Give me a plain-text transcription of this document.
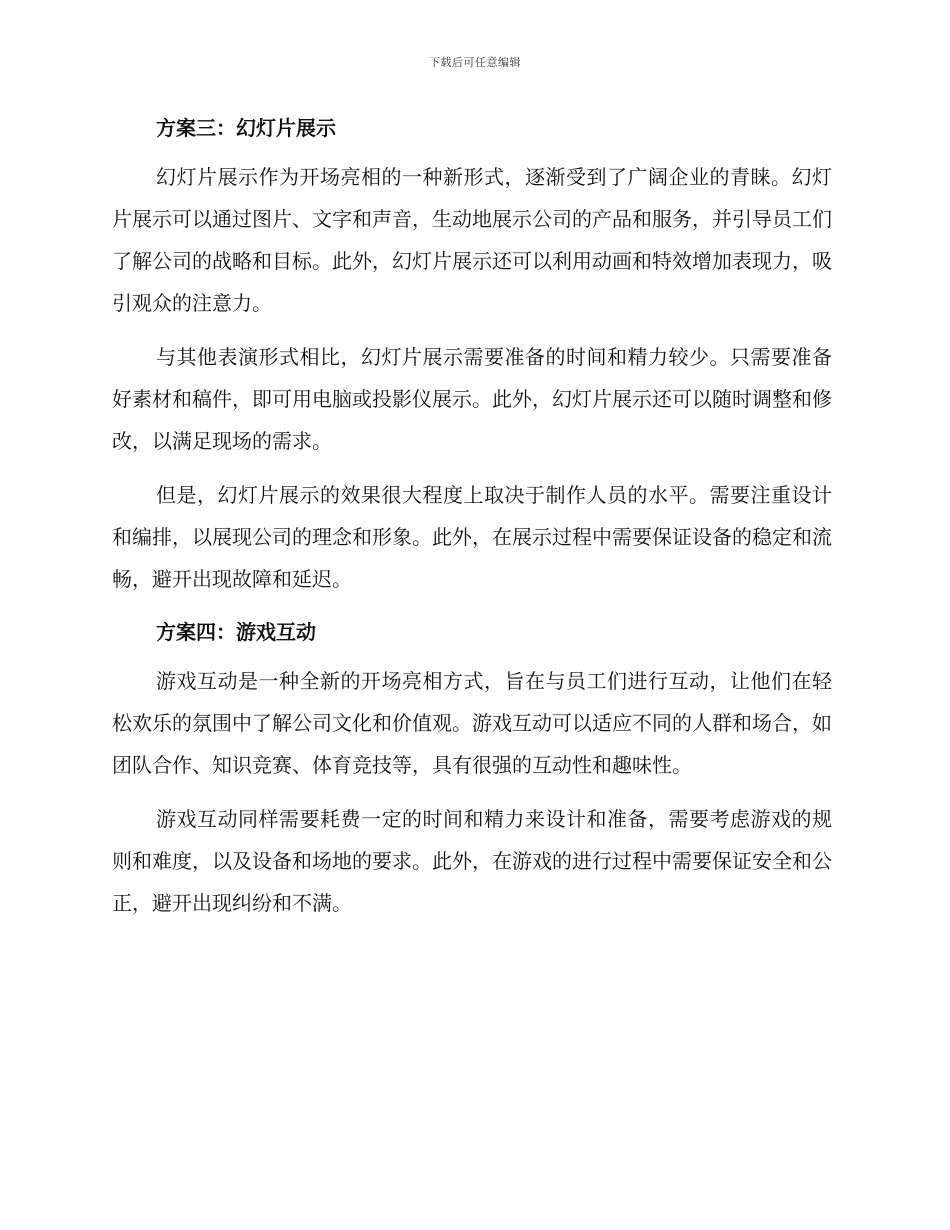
下载后可任意编辑
方案三：幻灯片展示

幻灯片展示作为开场亮相的一种新形式，逐渐受到了广阔企业的青睐。幻灯片展示可以通过图片、文字和声音，生动地展示公司的产品和服务，并引导员工们了解公司的战略和目标。此外，幻灯片展示还可以利用动画和特效增加表现力，吸引观众的注意力。

与其他表演形式相比，幻灯片展示需要准备的时间和精力较少。只需要准备好素材和稿件，即可用电脑或投影仪展示。此外，幻灯片展示还可以随时调整和修改，以满足现场的需求。

但是，幻灯片展示的效果很大程度上取决于制作人员的水平。需要注重设计和编排，以展现公司的理念和形象。此外，在展示过程中需要保证设备的稳定和流畅，避开出现故障和延迟。

方案四：游戏互动

游戏互动是一种全新的开场亮相方式，旨在与员工们进行互动，让他们在轻松欢乐的氛围中了解公司文化和价值观。游戏互动可以适应不同的人群和场合，如团队合作、知识竞赛、体育竞技等，具有很强的互动性和趣味性。

游戏互动同样需要耗费一定的时间和精力来设计和准备，需要考虑游戏的规则和难度，以及设备和场地的要求。此外，在游戏的进行过程中需要保证安全和公正，避开出现纠纷和不满。
